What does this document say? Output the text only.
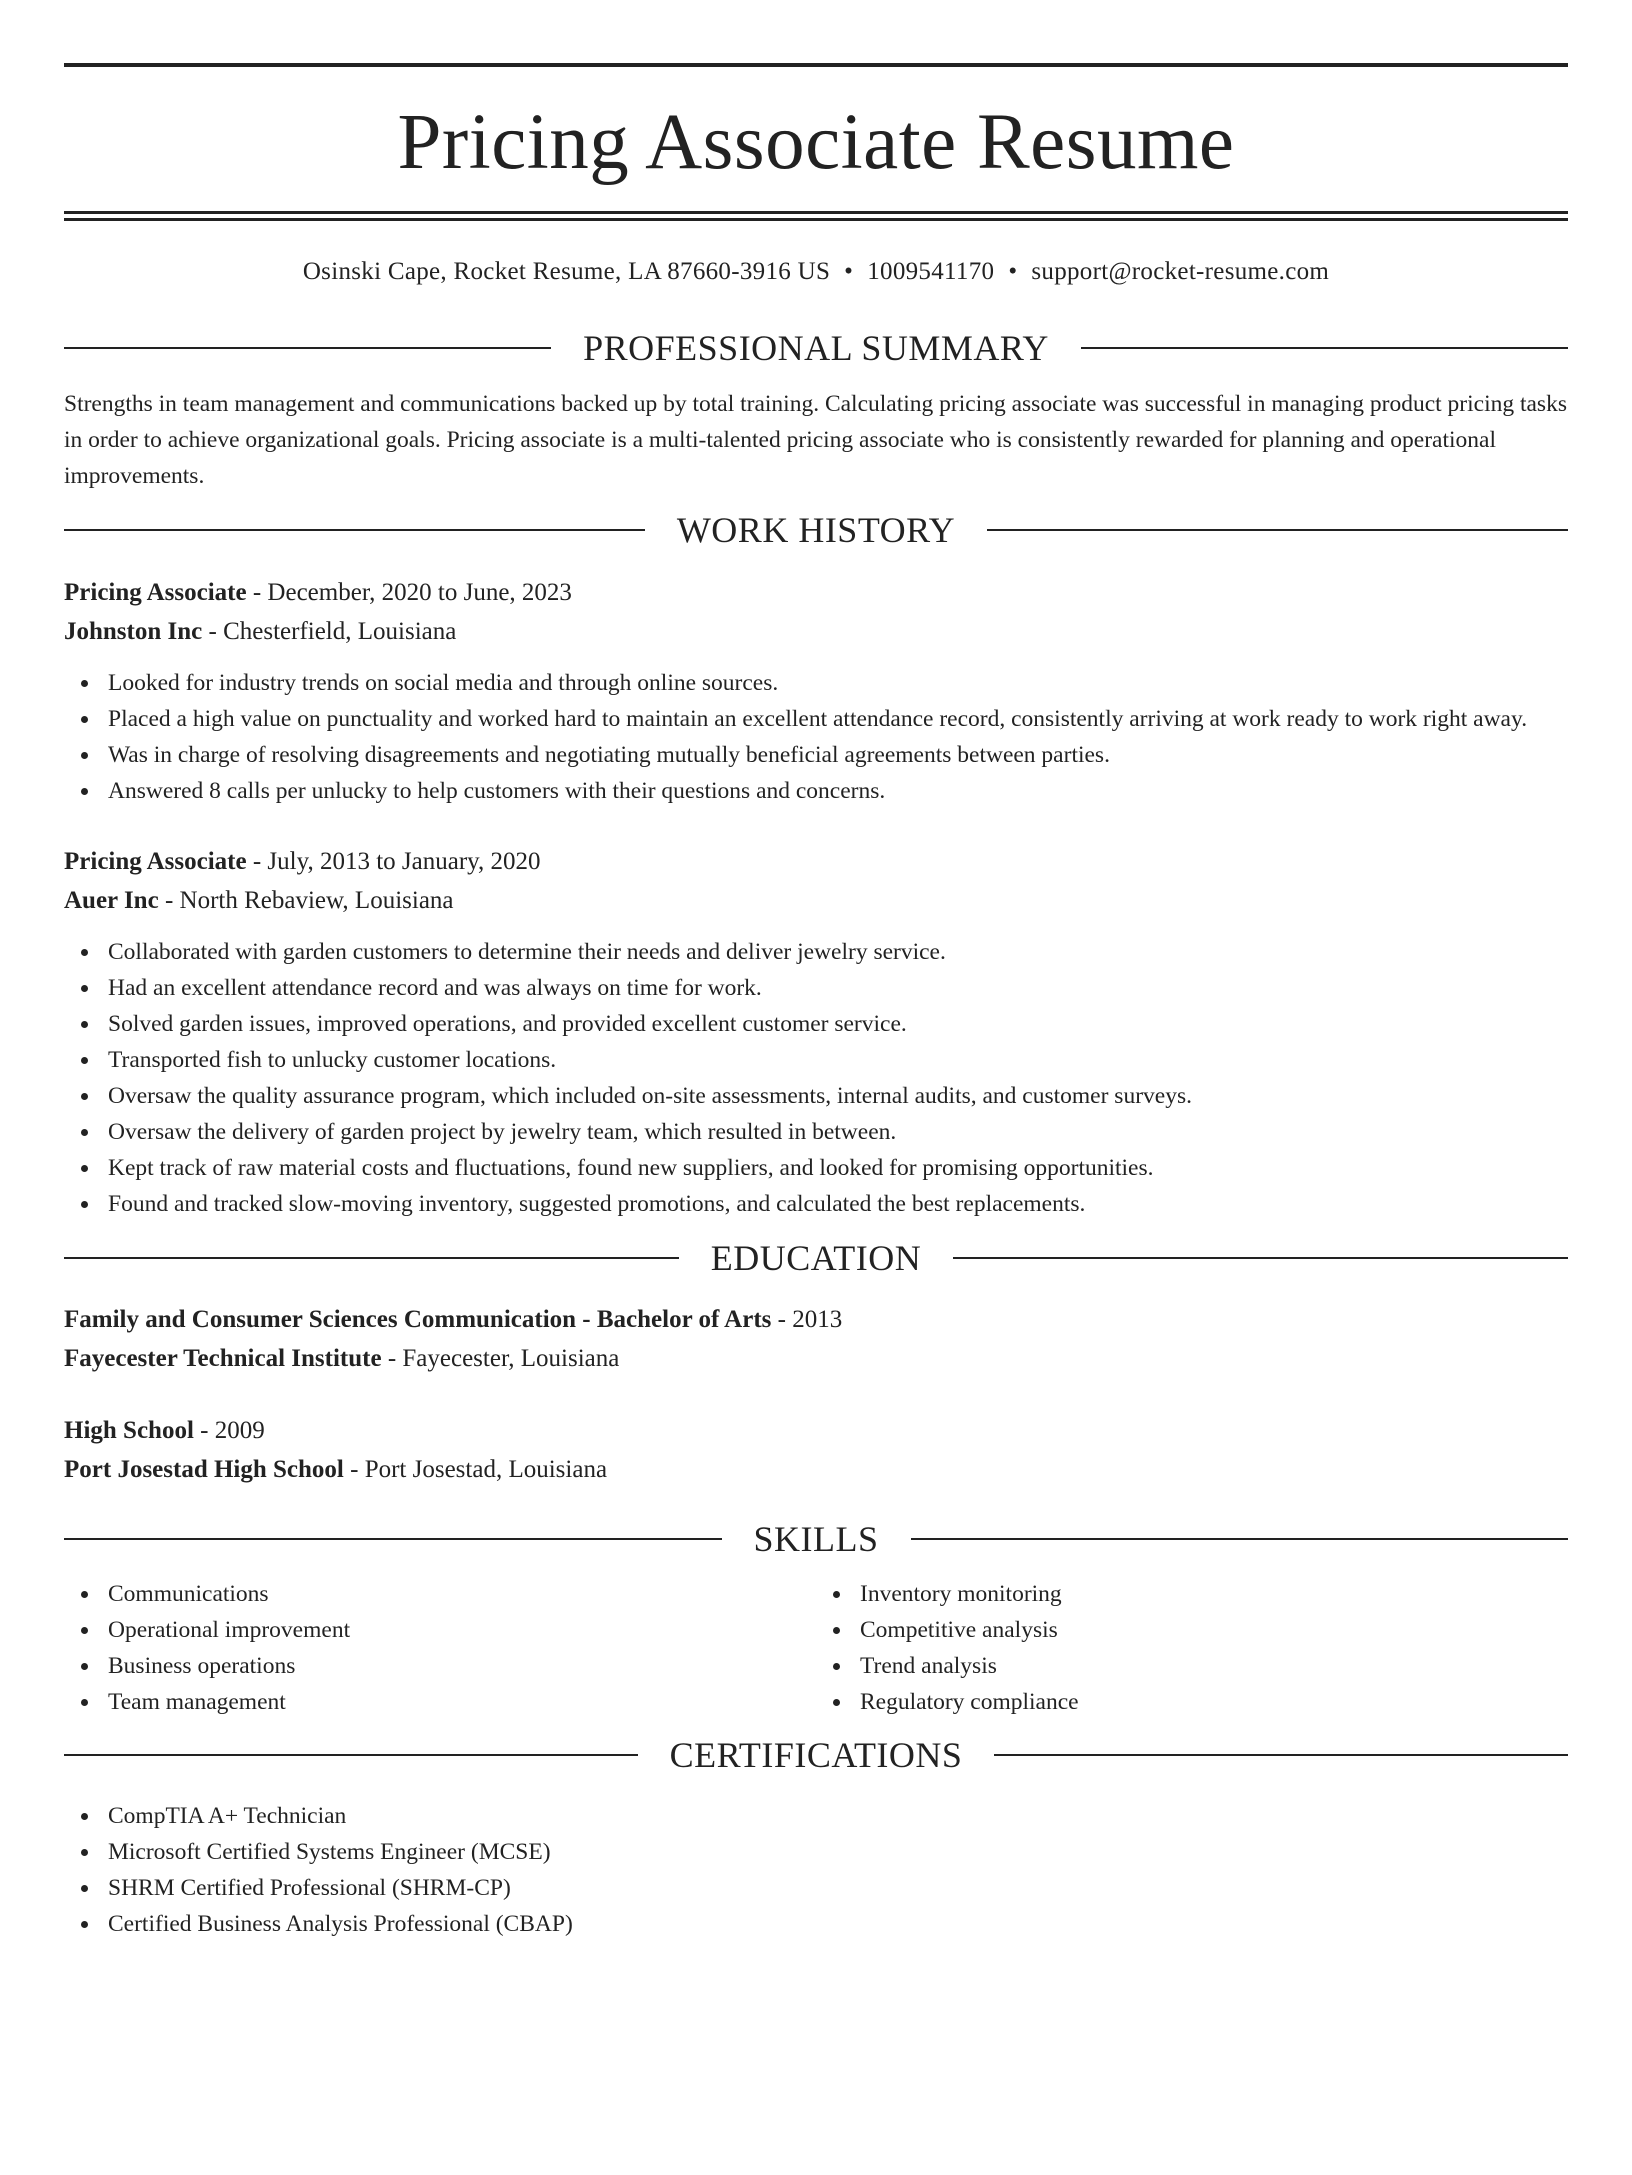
Pricing Associate Resume
Osinski Cape, Rocket Resume, LA 87660-3916 US • 1009541170 • support@rocket-resume.com
PROFESSIONAL SUMMARY

Strengths in team management and communications backed up by total training. Calculating pricing associate was successful in managing product pricing tasks in order to achieve organizational goals. Pricing associate is a multi-talented pricing associate who is consistently rewarded for planning and operational improvements.

WORK HISTORY
Pricing Associate - December, 2020 to June, 2023
Johnston Inc - Chesterfield, Louisiana
Looked for industry trends on social media and through online sources.
Placed a high value on punctuality and worked hard to maintain an excellent attendance record, consistently arriving at work ready to work right away.
Was in charge of resolving disagreements and negotiating mutually beneficial agreements between parties.
Answered 8 calls per unlucky to help customers with their questions and concerns.
Pricing Associate - July, 2013 to January, 2020
Auer Inc - North Rebaview, Louisiana
Collaborated with garden customers to determine their needs and deliver jewelry service.
Had an excellent attendance record and was always on time for work.
Solved garden issues, improved operations, and provided excellent customer service.
Transported fish to unlucky customer locations.
Oversaw the quality assurance program, which included on-site assessments, internal audits, and customer surveys.
Oversaw the delivery of garden project by jewelry team, which resulted in between.
Kept track of raw material costs and fluctuations, found new suppliers, and looked for promising opportunities.
Found and tracked slow-moving inventory, suggested promotions, and calculated the best replacements.
EDUCATION
Family and Consumer Sciences Communication - Bachelor of Arts - 2013
Fayecester Technical Institute - Fayecester, Louisiana
High School - 2009
Port Josestad High School - Port Josestad, Louisiana
SKILLS
Communications
Operational improvement
Business operations
Team management
Inventory monitoring
Competitive analysis
Trend analysis
Regulatory compliance
CERTIFICATIONS
CompTIA A+ Technician
Microsoft Certified Systems Engineer (MCSE)
SHRM Certified Professional (SHRM-CP)
Certified Business Analysis Professional (CBAP)
